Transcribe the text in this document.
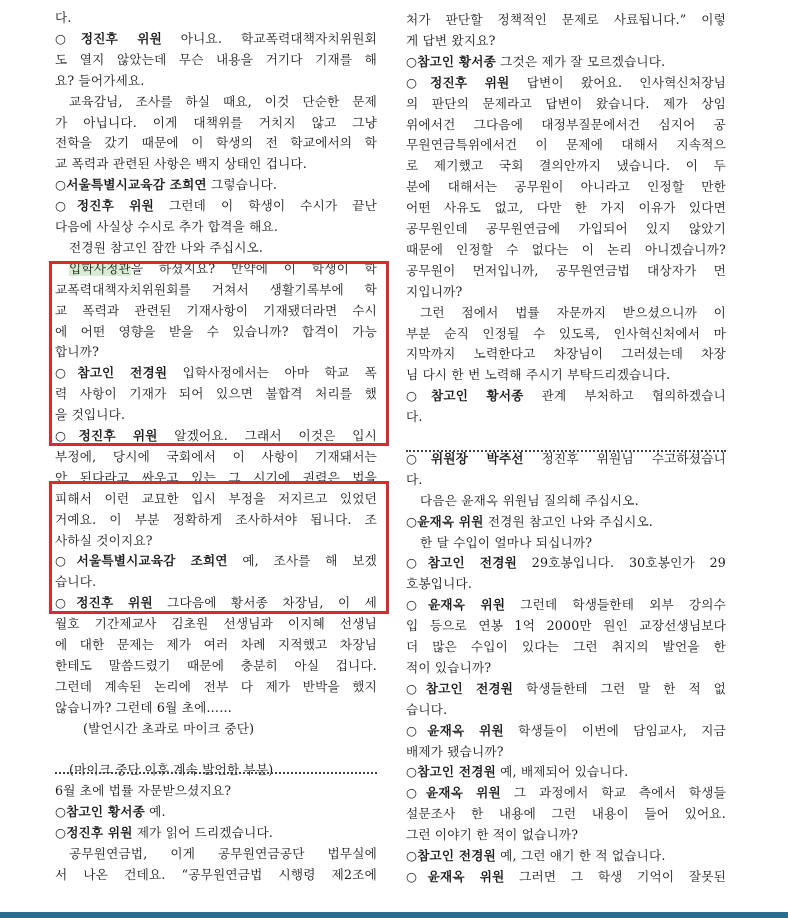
다.
○정진후 위원 아니요. 학교폭력대책자치위원회
도 열지 않았는데 무슨 내용을 거기다 기재를 해
요? 들어가세요.
교육감님, 조사를 하실 때요, 이것 단순한 문제
가 아닙니다. 이게 대책위를 거치지 않고 그냥
전학을 갔기 때문에 이 학생의 전 학교에서의 학
교 폭력과 관련된 사항은 백지 상태인 겁니다.
○서울특별시교육감 조희연 그렇습니다.
○정진후 위원 그런데 이 학생이 수시가 끝난
다음에 사실상 수시로 추가 합격을 해요.
전경원 참고인 잠깐 나와 주십시오.
입학사정관을 하셨지요? 만약에 이 학생이 학
교폭력대책자치위원회를 거쳐서 생활기록부에 학
교 폭력과 관련된 기재사항이 기재됐더라면 수시
에 어떤 영향을 받을 수 있습니까? 합격이 가능
합니까?
○참고인 전경원 입학사정에서는 아마 학교 폭
력 사항이 기재가 되어 있으면 불합격 처리를 했
을 것입니다.
○정진후 위원 알겠어요. 그래서 이것은 입시
부정에, 당시에 국회에서 이 사항이 기재돼서는
안 된다라고 싸우고 있는 그 시기에 권력은 법을
피해서 이런 교묘한 입시 부정을 저지르고 있었던
거예요. 이 부분 정확하게 조사하셔야 됩니다. 조
사하실 것이지요?
○서울특별시교육감 조희연 예, 조사를 해 보겠
습니다.
○정진후 위원 그다음에 황서종 차장님, 이 세
월호 기간제교사 김초원 선생님과 이지혜 선생님
에 대한 문제는 제가 여러 차례 지적했고 차장님
한테도 말씀드렸기 때문에 충분히 아실 겁니다.
그런데 계속된 논리에 전부 다 제가 반박을 했지
않습니까? 그런데 6월 초에……
(발언시간 초과로 마이크 중단)
(마이크 중단 이후 계속 발언한 부분)
6월 초에 법률 자문받으셨지요?
○참고인 황서종 예.
○정진후 위원 제가 읽어 드리겠습니다.
공무원연금법, 이게 공무원연금공단 법무실에
서 나온 건데요. “공무원연금법 시행령 제2조에
처가 판단할 정책적인 문제로 사료됩니다.” 이렇
게 답변 왔지요?
○참고인 황서종 그것은 제가 잘 모르겠습니다.
○정진후 위원 답변이 왔어요. 인사혁신처장님
의 판단의 문제라고 답변이 왔습니다. 제가 상임
위에서건 그다음에 대정부질문에서건 심지어 공
무원연금특위에서건 이 문제에 대해서 지속적으
로 제기했고 국회 결의안까지 냈습니다. 이 두
분에 대해서는 공무원이 아니라고 인정할 만한
어떤 사유도 없고, 다만 한 가지 이유가 있다면
공무원인데 공무원연금에 가입되어 있지 않았기
때문에 인정할 수 없다는 이 논리 아니겠습니까?
공무원이 먼저입니까, 공무원연금법 대상자가 먼
지입니까?
그런 점에서 법률 자문까지 받으셨으니까 이
부분 순직 인정될 수 있도록, 인사혁신처에서 마
지막까지 노력한다고 차장님이 그러셨는데 차장
님 다시 한 번 노력해 주시기 부탁드리겠습니다.
○참고인 황서종 관계 부처하고 협의하겠습니
다.
○위원장 박주선 정진후 위원님 수고하셨습니
다.
다음은 윤재옥 위원님 질의해 주십시오.
○윤재옥 위원 전경원 참고인 나와 주십시오.
한 달 수입이 얼마나 되십니까?
○참고인 전경원 29호봉입니다. 30호봉인가 29
호봉입니다.
○윤재옥 위원 그런데 학생들한테 외부 강의수
입 등으로 연봉 1억 2000만 원인 교장선생님보다
더 많은 수입이 있다는 그런 취지의 발언을 한
적이 있습니까?
○참고인 전경원 학생들한테 그런 말 한 적 없
습니다.
○윤재옥 위원 학생들이 이번에 담임교사, 지금
배제가 됐습니까?
○참고인 전경원 예, 배제되어 있습니다.
○윤재옥 위원 그 과정에서 학교 측에서 학생들
설문조사 한 내용에 그런 내용이 들어 있어요.
그런 이야기 한 적이 없습니까?
○참고인 전경원 예, 그런 얘기 한 적 없습니다.
○윤재옥 위원 그러면 그 학생 기억이 잘못된
